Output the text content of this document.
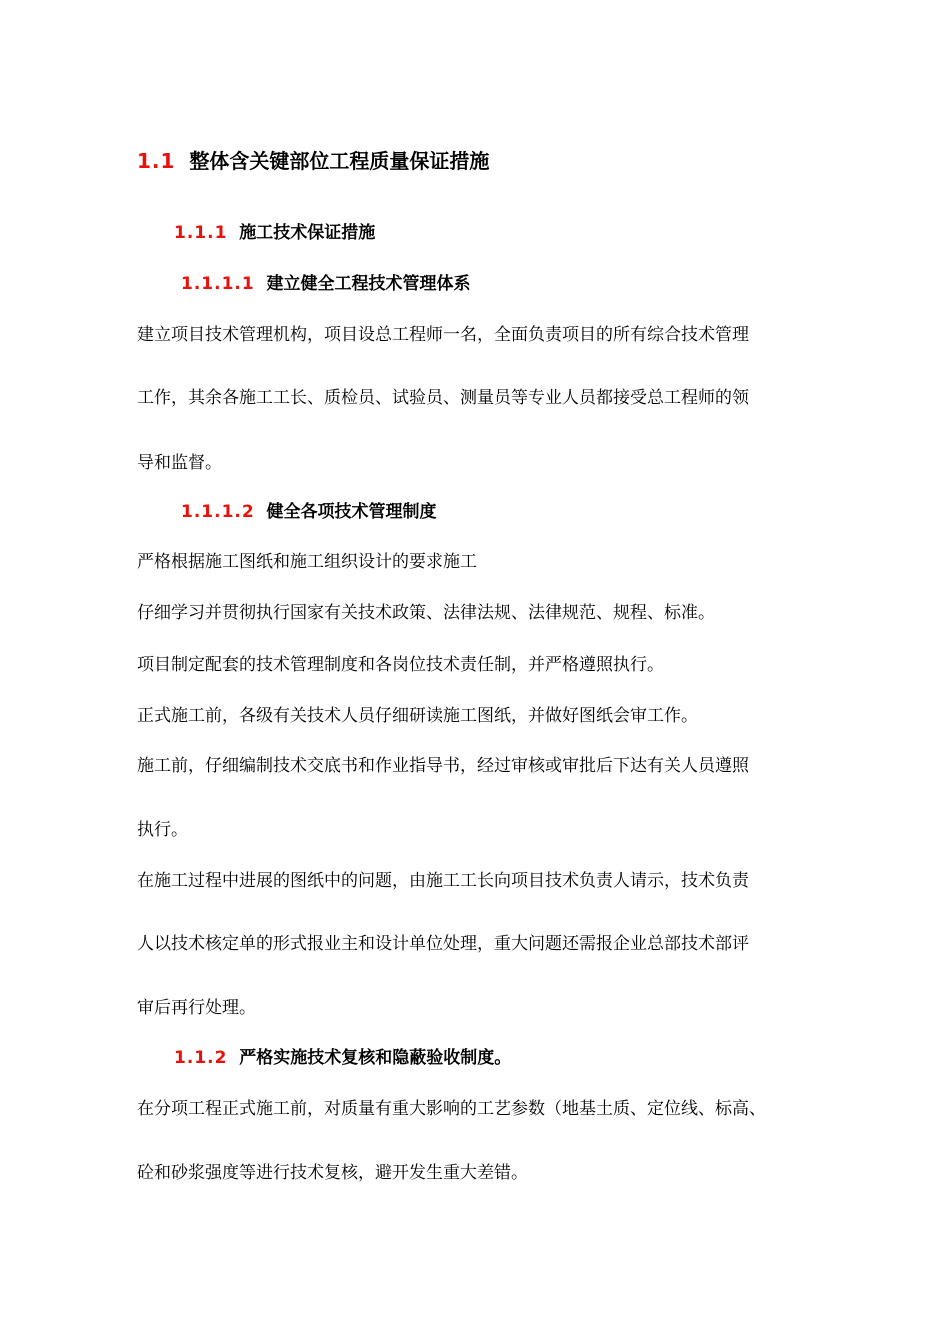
1.1 整体含关键部位工程质量保证措施
1.1.1 施工技术保证措施
1.1.1.1 建立健全工程技术管理体系
建立项目技术管理机构，项目设总工程师一名，全面负责项目的所有综合技术管理
工作，其余各施工工长、质检员、试验员、测量员等专业人员都接受总工程师的领
导和监督。
1.1.1.2 健全各项技术管理制度
严格根据施工图纸和施工组织设计的要求施工
仔细学习并贯彻执行国家有关技术政策、法律法规、法律规范、规程、标准。
项目制定配套的技术管理制度和各岗位技术责任制，并严格遵照执行。
正式施工前，各级有关技术人员仔细研读施工图纸，并做好图纸会审工作。
施工前，仔细编制技术交底书和作业指导书，经过审核或审批后下达有关人员遵照
执行。
在施工过程中进展的图纸中的问题，由施工工长向项目技术负责人请示，技术负责
人以技术核定单的形式报业主和设计单位处理，重大问题还需报企业总部技术部评
审后再行处理。
1.1.2 严格实施技术复核和隐蔽验收制度。
在分项工程正式施工前，对质量有重大影响的工艺参数（地基土质、定位线、标高、
砼和砂浆强度等进行技术复核，避开发生重大差错。
